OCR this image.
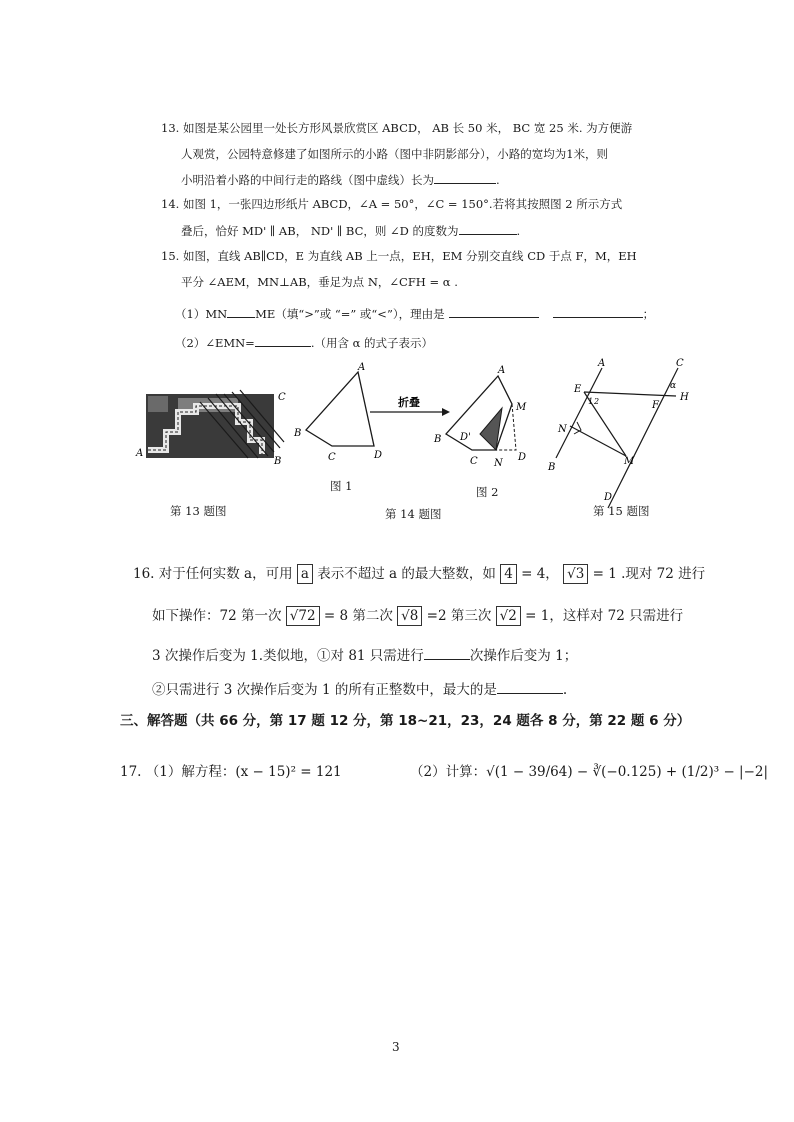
13. 如图是某公园里一处长方形风景欣赏区 ABCD， AB 长 50 米， BC 宽 25 米. 为方便游
人观赏，公园特意修建了如图所示的小路（图中非阴影部分），小路的宽均为1米，则
小明沿着小路的中间行走的路线（图中虚线）长为	.
14. 如图 1，一张四边形纸片 ABCD，∠A = 50°，∠C = 150°.若将其按照图 2 所示方式
叠后，恰好 MD' ∥ AB， ND' ∥ BC，则 ∠D 的度数为	.
15. 如图，直线 AB∥CD，E 为直线 AB 上一点，EH，EM 分别交直线 CD 于点 F，M，EH
平分 ∠AEM，MN⊥AB，垂足为点 N，∠CFH = α .
（1）MN ME（填“>”或 “=” 或“<”），理由是	；
（2）∠EMN=	.（用含 α 的式子表示）
C
A
B
A
B
C	D
折叠
A
B
C	D
D'
M
N
A
E
B
C
F
H
N
M
D
α
1 2
图 1	图 2
第 13 题图	第 14 题图	第 15 题图
16. 对于任何实数 a，可用 a 表示不超过 a 的最大整数，如 4 = 4， √3 = 1 .现对 72 进行
如下操作：72 第一次 √72 = 8 第二次 √8 =2 第三次 √2 = 1，这样对 72 只需进行
3 次操作后变为 1.类似地，①对 81 只需进行	次操作后变为 1；
②只需进行 3 次操作后变为 1 的所有正整数中，最大的是	.
三、解答题（共 66 分，第 17 题 12 分，第 18~21，23，24 题各 8 分，第 22 题 6 分）
17. （1）解方程：(x − 15)² = 121	（2）计算：√(1 − 39/64) − ∛(−0.125) + (1/2)³ − |−2|
3
